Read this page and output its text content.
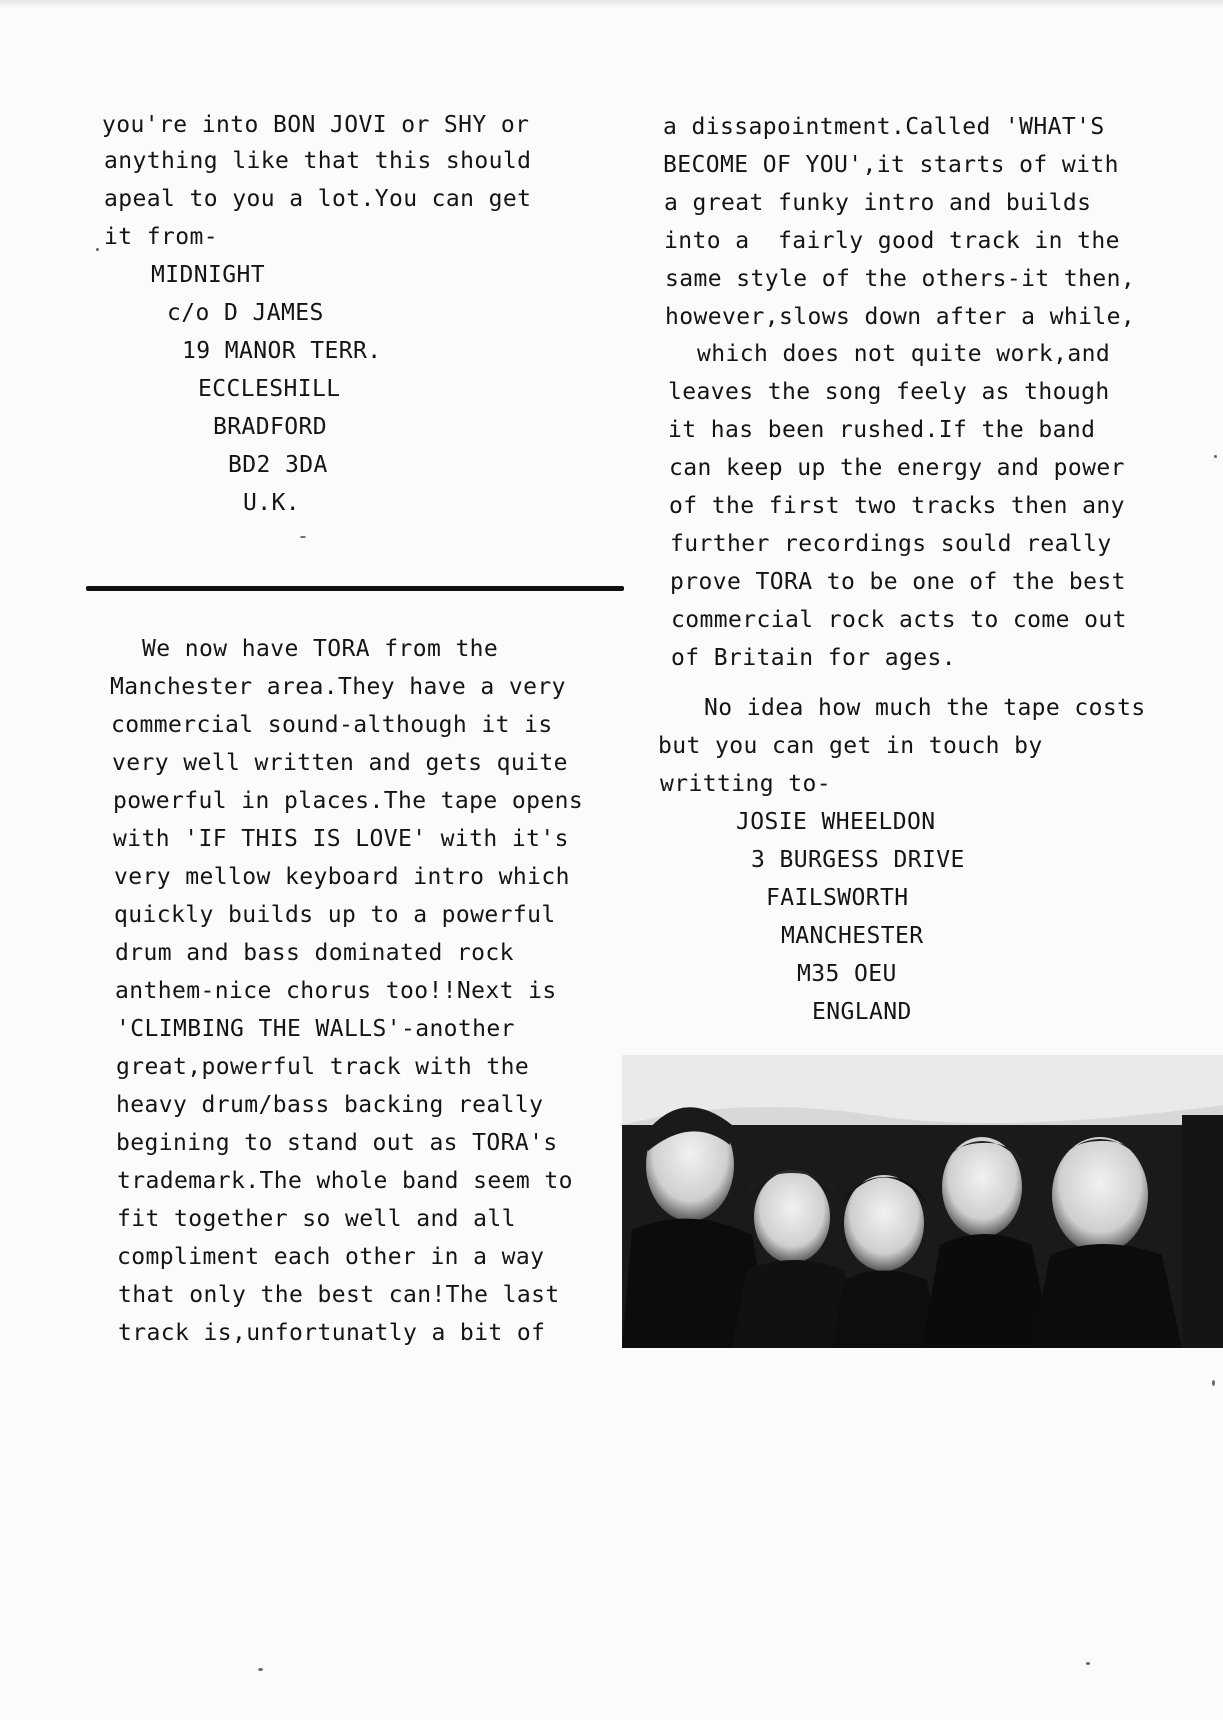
you're into BON JOVI or SHY or
anything like that this should
apeal to you a lot.You can get
it from-
MIDNIGHT
c/o D JAMES
19 MANOR TERR.
ECCLESHILL
BRADFORD
BD2 3DA
U.K.
We now have TORA from the
Manchester area.They have a very
commercial sound-although it is
very well written and gets quite
powerful in places.The tape opens
with 'IF THIS IS LOVE' with it's
very mellow keyboard intro which
quickly builds up to a powerful
drum and bass dominated rock
anthem-nice chorus too!!Next is
'CLIMBING THE WALLS'-another
great,powerful track with the
heavy drum/bass backing really
begining to stand out as TORA's
trademark.The whole band seem to
fit together so well and all
compliment each other in a way
that only the best can!The last
track is,unfortunatly a bit of
a dissapointment.Called 'WHAT'S
BECOME OF YOU',it starts of with
a great funky intro and builds
into a  fairly good track in the
same style of the others-it then,
however,slows down after a while,
which does not quite work,and
leaves the song feely as though
it has been rushed.If the band
can keep up the energy and power
of the first two tracks then any
further recordings sould really
prove TORA to be one of the best
commercial rock acts to come out
of Britain for ages.
No idea how much the tape costs
but you can get in touch by
writting to-
JOSIE WHEELDON
3 BURGESS DRIVE
FAILSWORTH
MANCHESTER
M35 OEU
ENGLAND
